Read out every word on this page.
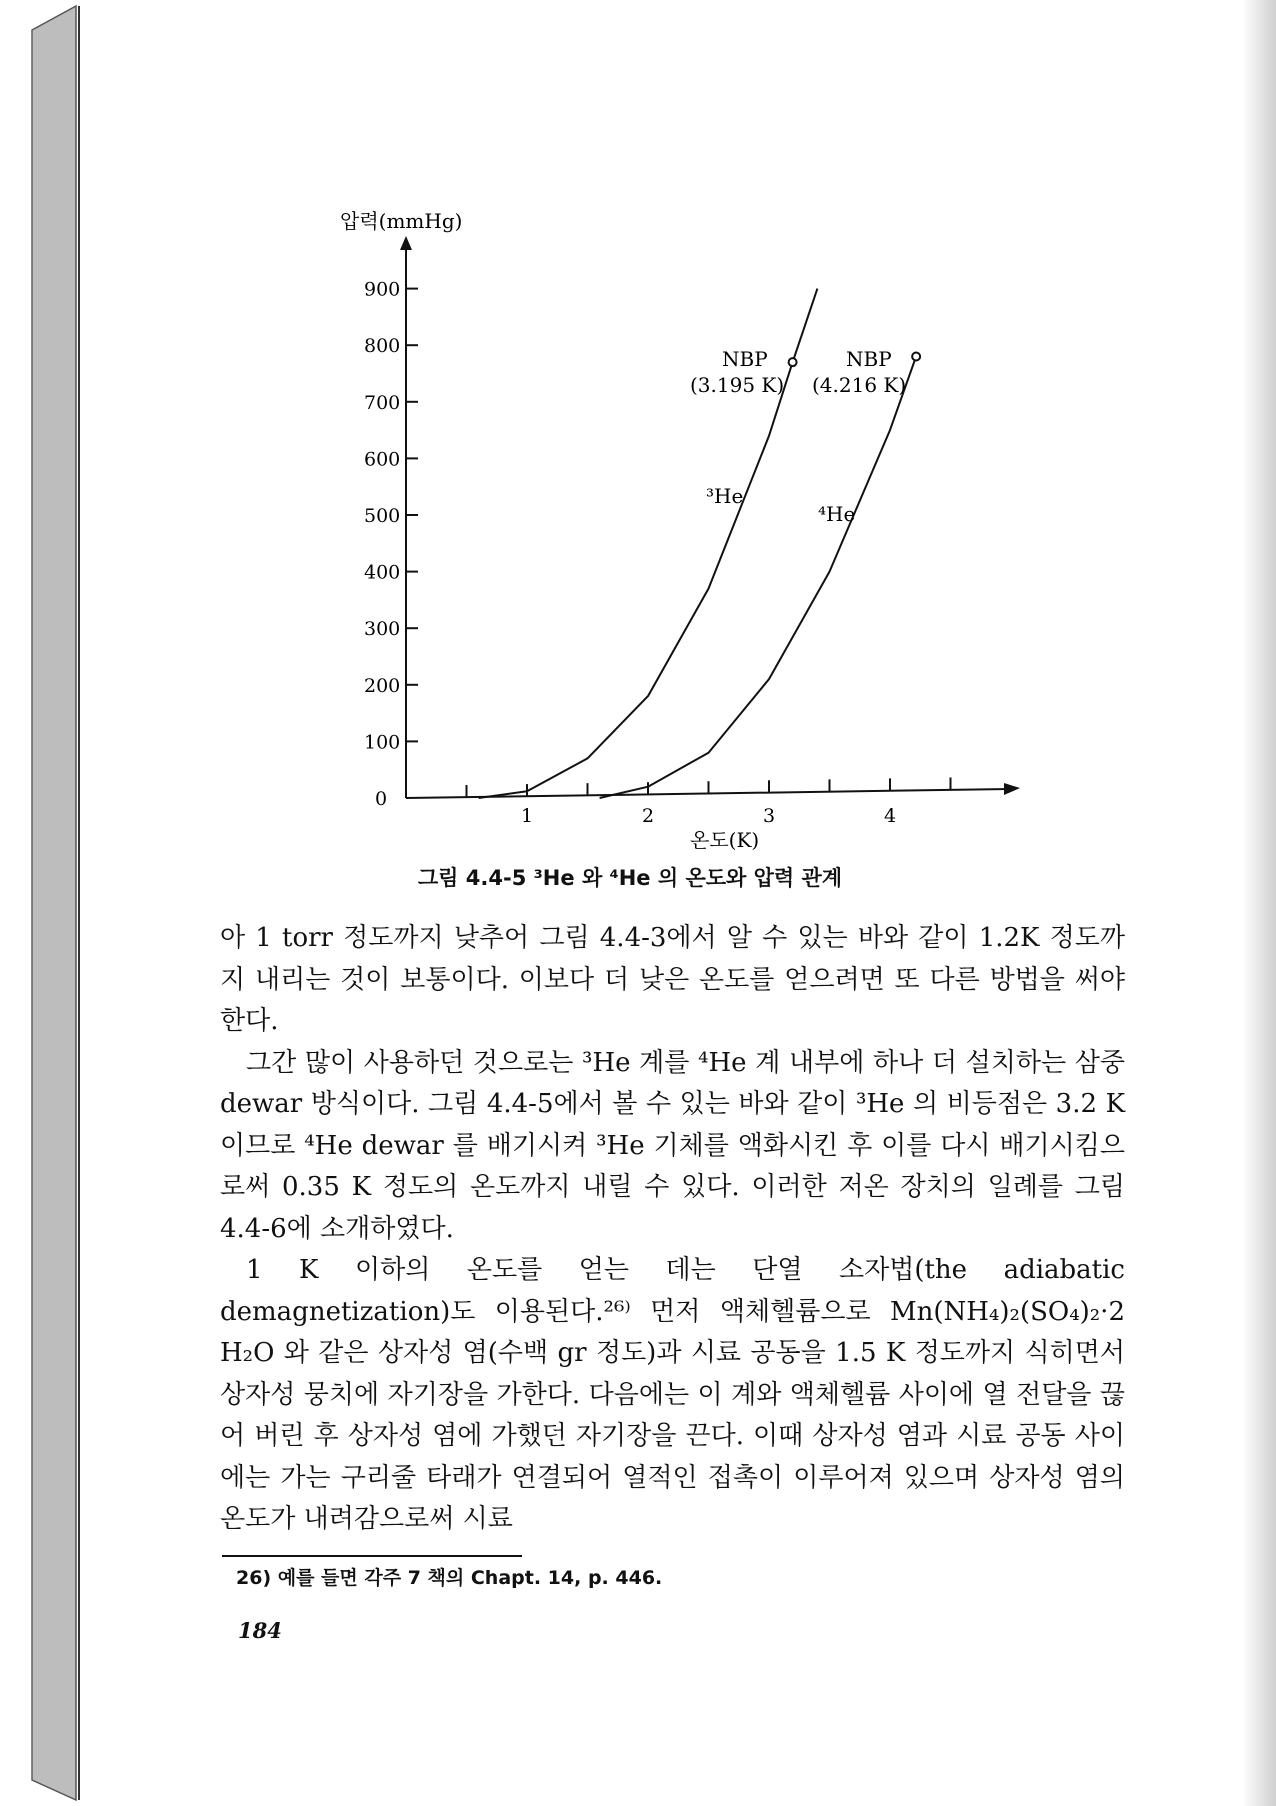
압력(mmHg)
온도(K)
0
100
200
300
400
500
600
700
800
900
1	2	3	4
³He
⁴He
NBP
(3.195 K)
NBP
(4.216 K)
그림 4.4-5 ³He 와 ⁴He 의 온도와 압력 관계

아 1 torr 정도까지 낮추어 그림 4.4-3에서 알 수 있는 바와 같이 1.2K 정도까지 내리는 것이 보통이다. 이보다 더 낮은 온도를 얻으려면 또 다른 방법을 써야 한다.

그간 많이 사용하던 것으로는 ³He 계를 ⁴He 계 내부에 하나 더 설치하는 삼중 dewar 방식이다. 그림 4.4-5에서 볼 수 있는 바와 같이 ³He 의 비등점은 3.2 K 이므로 ⁴He dewar 를 배기시켜 ³He 기체를 액화시킨 후 이를 다시 배기시킴으로써 0.35 K 정도의 온도까지 내릴 수 있다. 이러한 저온 장치의 일례를 그림 4.4-6에 소개하였다.

1 K 이하의 온도를 얻는 데는 단열 소자법(the adiabatic demagnetization)도 이용된다.²⁶⁾ 먼저 액체헬륨으로 Mn(NH₄)₂(SO₄)₂·2 H₂O 와 같은 상자성 염(수백 gr 정도)과 시료 공동을 1.5 K 정도까지 식히면서 상자성 뭉치에 자기장을 가한다. 다음에는 이 계와 액체헬륨 사이에 열 전달을 끊어 버린 후 상자성 염에 가했던 자기장을 끈다. 이때 상자성 염과 시료 공동 사이에는 가는 구리줄 타래가 연결되어 열적인 접촉이 이루어져 있으며 상자성 염의 온도가 내려감으로써 시료

26) 예를 들면 각주 7 책의 Chapt. 14, p. 446.
184
